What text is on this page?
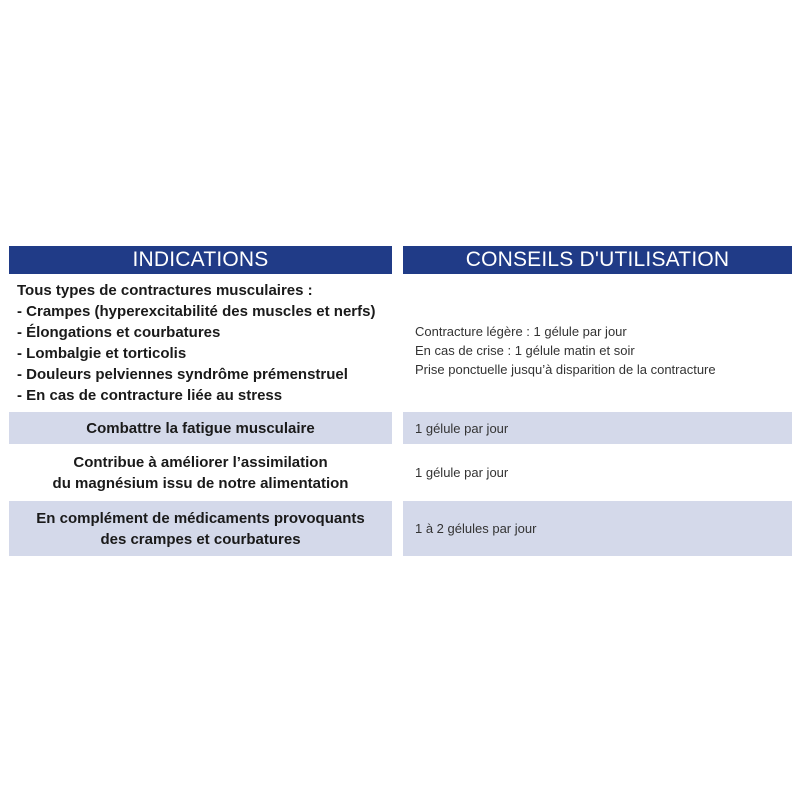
INDICATIONS	CONSEILS D'UTILISATION
Tous types de contractures musculaires :
- Crampes (hyperexcitabilité des muscles et nerfs)
- Élongations et courbatures
- Lombalgie et torticolis
- Douleurs pelviennes syndrôme prémenstruel
- En cas de contracture liée au stress
Contracture légère : 1 gélule par jour
En cas de crise : 1 gélule matin et soir
Prise ponctuelle jusqu’à disparition de la contracture
Combattre la fatigue musculaire	1 gélule par jour
Contribue à améliorer l’assimilation
du magnésium issu de notre alimentation
1 gélule par jour
En complément de médicaments provoquants
des crampes et courbatures
1 à 2 gélules par jour
